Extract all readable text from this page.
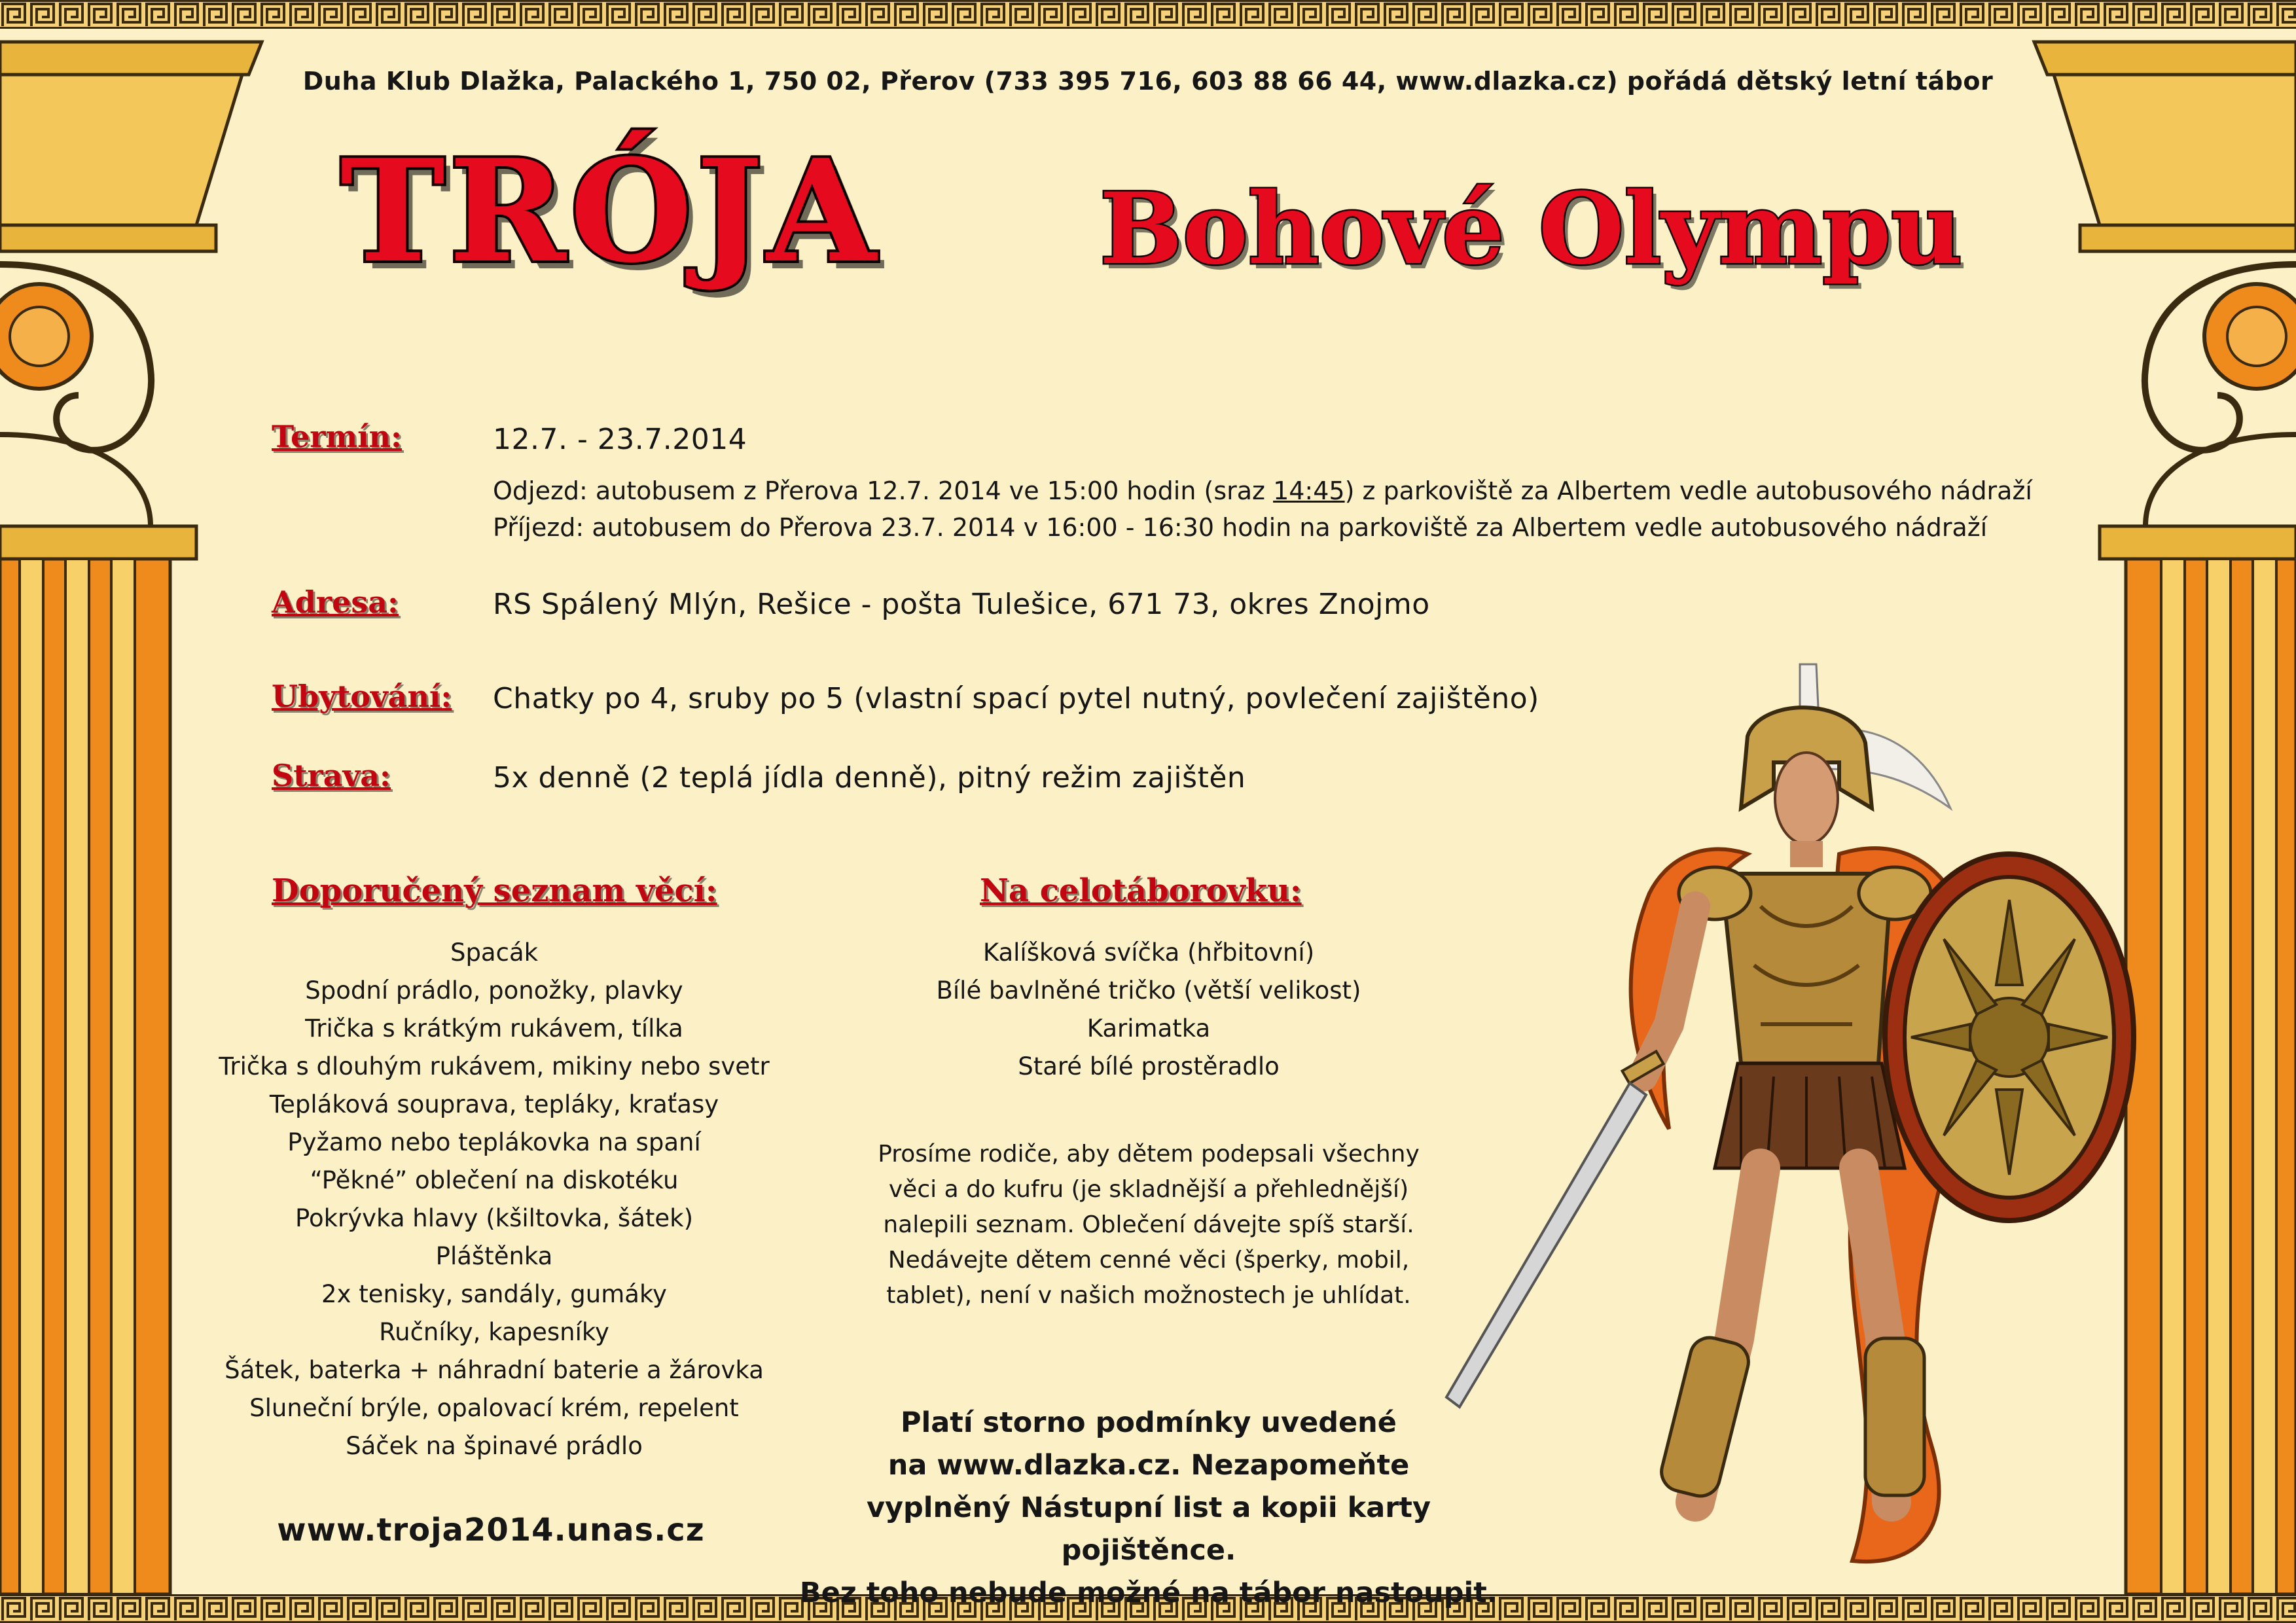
Duha Klub Dlažka, Palackého 1, 750 02, Přerov (733 395 716, 603 88 66 44, www.dlazka.cz) pořádá dětský letní tábor
TRÓJA	Bohové Olympu
Termín:	12.7. - 23.7.2014
Odjezd: autobusem z Přerova 12.7. 2014 ve 15:00 hodin (sraz 14:45) z parkoviště za Albertem vedle autobusového nádraží
Příjezd: autobusem do Přerova 23.7. 2014 v 16:00 - 16:30 hodin na parkoviště za Albertem vedle autobusového nádraží
Adresa:	RS Spálený Mlýn, Rešice - pošta Tulešice, 671 73, okres Znojmo
Ubytování: Chatky po 4, sruby po 5 (vlastní spací pytel nutný, povlečení zajištěno)
Strava:	5x denně (2 teplá jídla denně), pitný režim zajištěn
Doporučený seznam věcí:
Spacák
Spodní prádlo, ponožky, plavky
Trička s krátkým rukávem, tílka
Trička s dlouhým rukávem, mikiny nebo svetr
Tepláková souprava, tepláky, kraťasy
Pyžamo nebo teplákovka na spaní
“Pěkné” oblečení na diskotéku
Pokrývka hlavy (kšiltovka, šátek)
Pláštěnka
2x tenisky, sandály, gumáky
Ručníky, kapesníky
Šátek, baterka + náhradní baterie a žárovka
Sluneční brýle, opalovací krém, repelent
Sáček na špinavé prádlo
www.troja2014.unas.cz
Na celotáborovku:
Kalíšková svíčka (hřbitovní)
Bílé bavlněné tričko (větší velikost)
Karimatka
Staré bílé prostěradlo
Prosíme rodiče, aby dětem podepsali všechny
věci a do kufru (je skladnější a přehlednější)
nalepili seznam. Oblečení dávejte spíš starší.
Nedávejte dětem cenné věci (šperky, mobil,
tablet), není v našich možnostech je uhlídat.
Platí storno podmínky uvedené
na www.dlazka.cz. Nezapomeňte
vyplněný Nástupní list a kopii karty pojištěnce.
Bez toho nebude možné na tábor nastoupit.
